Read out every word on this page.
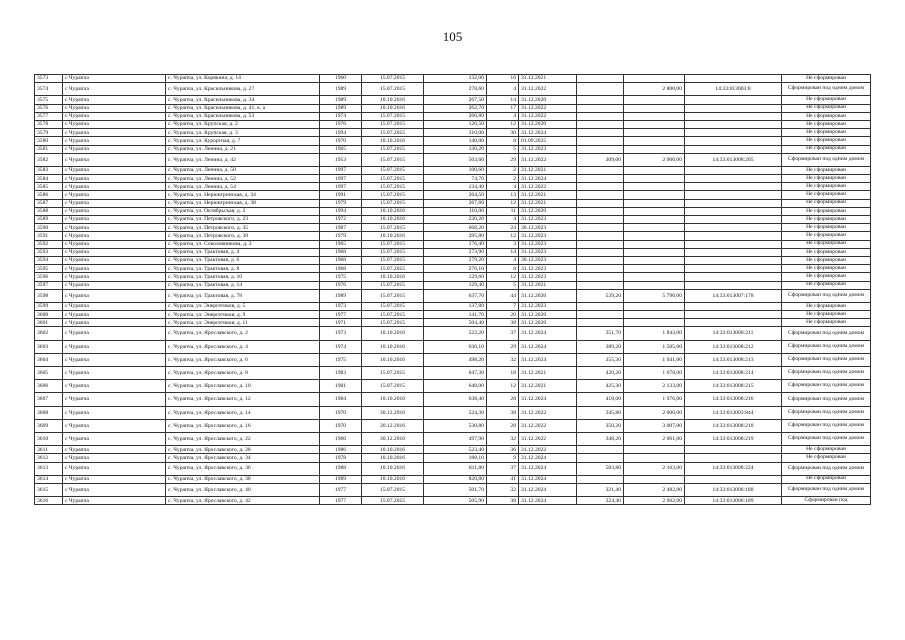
105
3573	с Чурапча	с. Чурапча, ул. Корякина, д. 14	1960	15.07.2015	132,00	16	31.12.2021				Не сформирован
3574	с Чурапча	с. Чурапча, ул. Красильникова, д. 27	1989	15.07.2015	278,60	4	31.12.2022		2 800,00	14:33:013003:8	Сформирован под одним домом
3575	с Чурапча	с. Чурапча, ул. Красильникова, д. 34	1989	10.10.2016	267,50	14	31.12.2020				Не сформирован
3576	с Чурапча	с. Чурапча, ул. Красильникова, д. 41, к. а	1989	10.10.2016	262,70	17	31.12.2022				Не сформирован
3577	с Чурапча	с. Чурапча, ул. Красильникова, д. 53	1974	15.07.2015	266,80	4	31.12.2022				Не сформирован
3578	с Чурапча	с. Чурапча, ул. Крупская, д. 2	1976	15.07.2015	126,50	12	31.12.2020				Не сформирован
3579	с Чурапча	с. Чурапча, ул. Крупская, д. 3	1994	15.07.2015	310,00	30	31.12.2024				Не сформирован
3580	с Чурапча	с. Чурапча, ул. Курортная, д. 7	1970	10.10.2016	140,00	8	01.09.2025				Не сформирован
3581	с Чурапча	с. Чурапча, ул. Ленина, д. 21	1965	15.07.2015	130,20	5	31.12.2023				Не сформирован
3582	с Чурапча	с. Чурапча, ул. Ленина, д. 42	1953	15.07.2015	503,60	29	31.12.2022	309,00	2 900,00	14:33:013008:205	Сформирован под одним домом
3583	с Чурапча	с. Чурапча, ул. Ленина, д. 50	1997	15.07.2015	100,60	2	31.12.2021				Не сформирован
3584	с Чурапча	с. Чурапча, ул. Ленина, д. 52	1997	15.07.2015	74,70	2	31.12.2024				Не сформирован
3585	с Чурапча	с. Чурапча, ул. Ленина, д. 54	1997	15.07.2015	134,40	4	31.12.2022				Не сформирован
3586	с Чурапча	с. Чурапча, ул. Нерюнгринская, д. 34	1991	15.07.2015	264,50	13	31.12.2021				Не сформирован
3587	с Чурапча	с. Чурапча, ул. Нерюнгринская, д. 38	1979	15.07.2015	267,60	12	31.12.2021				Не сформирован
3588	с Чурапча	с. Чурапча, ул. Октябрьская, д. 2	1994	10.10.2016	110,00	11	31.12.2020				Не сформирован
3589	с Чурапча	с. Чурапча, ул. Петровского, д. 23	1972	10.10.2016	230,20	4	31.12.2023				Не сформирован
3590	с Чурапча	с. Чурапча, ул. Петровского, д. 35	1987	15.07.2015	668,20	24	30.12.2023				Не сформирован
3591	с Чурапча	с. Чурапча, ул. Петровского, д. 38	1979	10.10.2016	295,80	12	31.12.2023				Не сформирован
3592	с Чурапча	с. Чурапча, ул. Соколовникова, д. 2	1965	15.07.2015	176,40	3	31.12.2023				Не сформирован
3593	с Чурапча	с. Чурапча, ул. Трактовая, д. 4	1968	15.07.2015	273,90	14	31.12.2023				Не сформирован
3594	с Чурапча	с. Чурапча, ул. Трактовая, д. 6	1968	15.07.2015	279,20	4	30.12.2023				Не сформирован
3595	с Чурапча	с. Чурапча, ул. Трактовая, д. 8	1968	15.07.2015	276,10	8	31.12.2023				Не сформирован
3596	с Чурапча	с. Чурапча, ул. Трактовая, д. 10	1975	10.10.2016	129,60	12	31.12.2023				Не сформирован
3597	с Чурапча	с. Чурапча, ул. Трактовая, д. 14	1976	15.07.2015	129,40	5	31.12.2021				Не сформирован
3598	с Чурапча	с. Чурапча, ул. Трактовая, д. 78	1989	15.07.2015	637,70	44	31.12.2020	539,20	5 790,00	14:33:013007:178	Сформирован под одним домом
3599	с Чурапча	с. Чурапча, ул. Энергетиков, д. 5	1973	15.07.2015	137,80	7	31.12.2023				Не сформирован
3600	с Чурапча	с. Чурапча, ул. Энергетиков, д. 9	1977	15.07.2015	141,70	20	31.12.2020				Не сформирован
3601	с Чурапча	с. Чурапча, ул. Энергетиков, д. 11	1971	15.07.2015	504,40	38	31.12.2020				Не сформирован
3602	с Чурапча	с. Чурапча, ул. Ярославского, д. 2	1973	10.10.2016	522,20	37	31.12.2024	351,70	1 843,00	14:33:013008:211	Сформирован под одним домом
3603	с Чурапча	с. Чурапча, ул. Ярославского, д. 4	1974	10.10.2016	636,10	29	31.12.2024	389,20	1 505,00	14:33:013008:212	Сформирован под одним домом
3604	с Чурапча	с. Чурапча, ул. Ярославского, д. 6	1975	10.10.2016	498,20	32	31.12.2024	355,30	1 941,00	14:33:013008:213	Сформирован под одним домом
3605	с Чурапча	с. Чурапча, ул. Ярославского, д. 8	1983	15.07.2015	647,30	18	31.12.2021	420,20	1 678,00	14:33:013008:214	Сформирован под одним домом
3606	с Чурапча	с. Чурапча, ул. Ярославского, д. 10	1981	15.07.2015	648,00	12	31.12.2021	425,30	2 133,00	14:33:013008:215	Сформирован под одним домом
3607	с Чурапча	с. Чурапча, ул. Ярославского, д. 12	1984	10.10.2016	638,40	28	31.12.2024	418,00	1 976,00	14:33:013008:216	Сформирован под одним домом
3608	с Чурапча	с. Чурапча, ул. Ярославского, д. 14	1970	30.12.2016	524,30	38	31.12.2022	345,80	2 000,00	14:33:013003:844	Сформирован под одним домом
3609	с Чурапча	с. Чурапча, ул. Ярославского, д. 16	1970	30.12.2016	530,80	28	31.12.2022	350,20	3 007,00	14:33:013008:218	Сформирован под одним домом
3610	с Чурапча	с. Чурапча, ул. Ярославского, д. 22	1966	30.12.2016	497,90	32	31.12.2022	348,20	2 061,00	14:33:013008:219	Сформирован под одним домом
3611	с Чурапча	с. Чурапча, ул. Ярославского, д. 28	1986	10.10.2016	523,40	36	31.12.2022				Не сформирован
3612	с Чурапча	с. Чурапча, ул. Ярославского, д. 34	1978	10.10.2016	188,10	9	31.12.2024				Не сформирован
3613	с Чурапча	с. Чурапча, ул. Ярославского, д. 36	1988	10.10.2016	811,80	37	31.12.2024	583,80	2 163,00	14:33:013008:224	Сформирован под одним домом
3614	с Чурапча	с. Чурапча, ул. Ярославского, д. 38	1989	10.10.2016	820,80	41	31.12.2024				Не сформирован
3615	с Чурапча	с. Чурапча, ул. Ярославского, д. 40	1977	15.07.2015	501,70	32	31.12.2024	321,40	2 482,00	14:33:013006:188	Сформирован под одним домом
3616	с Чурапча	с. Чурапча, ул. Ярославского, д. 42	1977	15.07.2015	505,90	38	31.12.2024	324,40	2 062,00	14:33:013006:189	Сформирован под
